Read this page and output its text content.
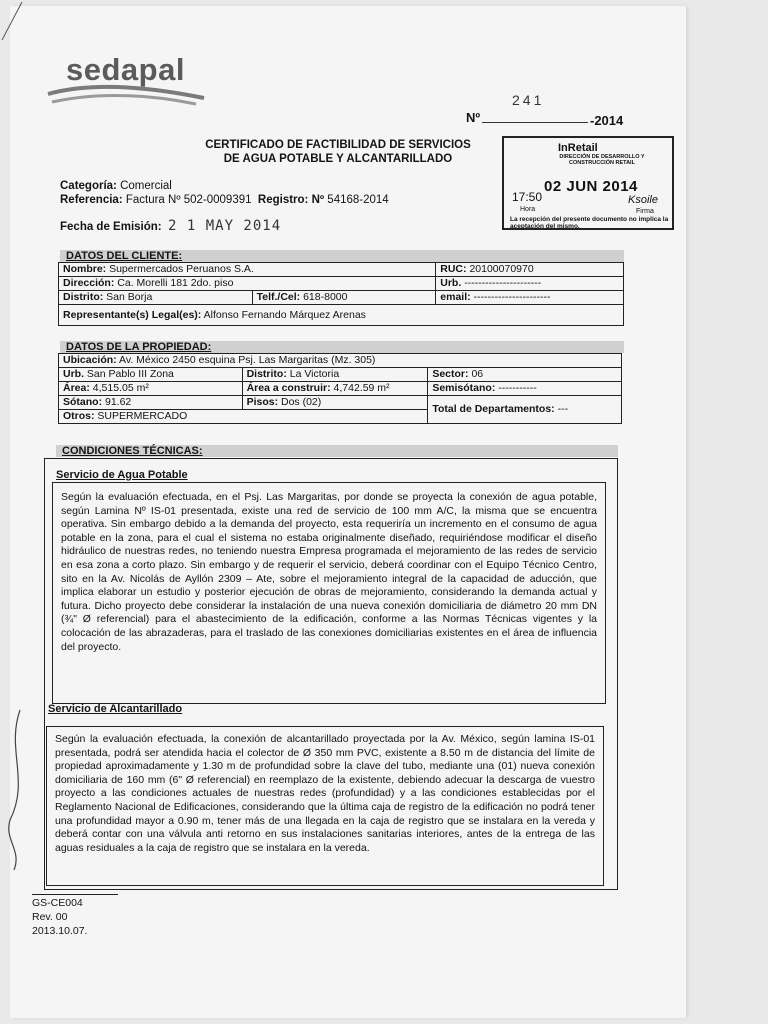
sedapal
Nº
241
-2014
CERTIFICADO DE FACTIBILIDAD DE SERVICIOS
DE AGUA POTABLE Y ALCANTARILLADO
InRetail
DIRECCIÓN DE DESARROLLO Y CONSTRUCCIÓN RETAIL
02 JUN 2014
17:50	Ksoile
Hora	Firma
La recepción del presente documento no implica la aceptación del mismo.
Categoría: Comercial
Referencia: Factura Nº 502-0009391 Registro: Nº 54168-2014
Fecha de Emisión: 2 1 MAY 2014
DATOS DEL CLIENTE:
Nombre: Supermercados Peruanos S.A.		RUC: 20100070970
Dirección: Ca. Morelli 181 2do. piso		Urb. ----------------------
Distrito: San Borja	Telf./Cel: 618-8000	email: ----------------------
Representante(s) Legal(es): Alfonso Fernando Márquez Arenas		
DATOS DE LA PROPIEDAD:
Ubicación: Av. México 2450 esquina Psj. Las Margaritas (Mz. 305)		
Urb. San Pablo III Zona	Distrito: La Victoria	Sector: 06
Área: 4,515.05 m²	Área a construir: 4,742.59 m²	Semisótano: -----------
Sótano: 91.62	Pisos: Dos (02)	Total de Departamentos: ---
Otros: SUPERMERCADO		
CONDICIONES TÉCNICAS:
Servicio de Agua Potable
Según la evaluación efectuada, en el Psj. Las Margaritas, por donde se proyecta la conexión de agua potable, según Lamina Nº IS-01 presentada, existe una red de servicio de 100 mm A/C, la misma que se encuentra operativa. Sin embargo debido a la demanda del proyecto, esta requeriría un incremento en el consumo de agua potable en la zona, para el cual el sistema no estaba originalmente diseñado, requiriéndose modificar el diseño hidráulico de nuestras redes, no teniendo nuestra Empresa programada el mejoramiento de las redes de servicio en esa zona a corto plazo. Sin embargo y de requerir el servicio, deberá coordinar con el Equipo Técnico Centro, sito en la Av. Nicolás de Ayllón 2309 – Ate, sobre el mejoramiento integral de la capacidad de aducción, que implica elaborar un estudio y posterior ejecución de obras de mejoramiento, considerando la demanda actual y futura. Dicho proyecto debe considerar la instalación de una nueva conexión domiciliaria de diámetro 20 mm DN (¾" Ø referencial) para el abastecimiento de la edificación, conforme a las Normas Técnicas vigentes y la colocación de las abrazaderas, para el traslado de las conexiones domiciliarias existentes en el área de influencia del proyecto.
Servicio de Alcantarillado
Según la evaluación efectuada, la conexión de alcantarillado proyectada por la Av. México, según lamina IS-01 presentada, podrá ser atendida hacia el colector de Ø 350 mm PVC, existente a 8.50 m de distancia del límite de propiedad aproximadamente y 1.30 m de profundidad sobre la clave del tubo, mediante una (01) nueva conexión domiciliaria de 160 mm (6" Ø referencial) en reemplazo de la existente, debiendo adecuar la descarga de vuestro proyecto a las condiciones actuales de nuestras redes (profundidad) y a las condiciones establecidas por el Reglamento Nacional de Edificaciones, considerando que la última caja de registro de la edificación no podrá tener una profundidad mayor a 0.90 m, tener más de una llegada en la caja de registro que se instalara en la vereda y deberá contar con una válvula anti retorno en sus instalaciones sanitarias interiores, antes de la entrega de las aguas residuales a la caja de registro que se instalara en la vereda.
GS-CE004
Rev. 00
2013.10.07.
